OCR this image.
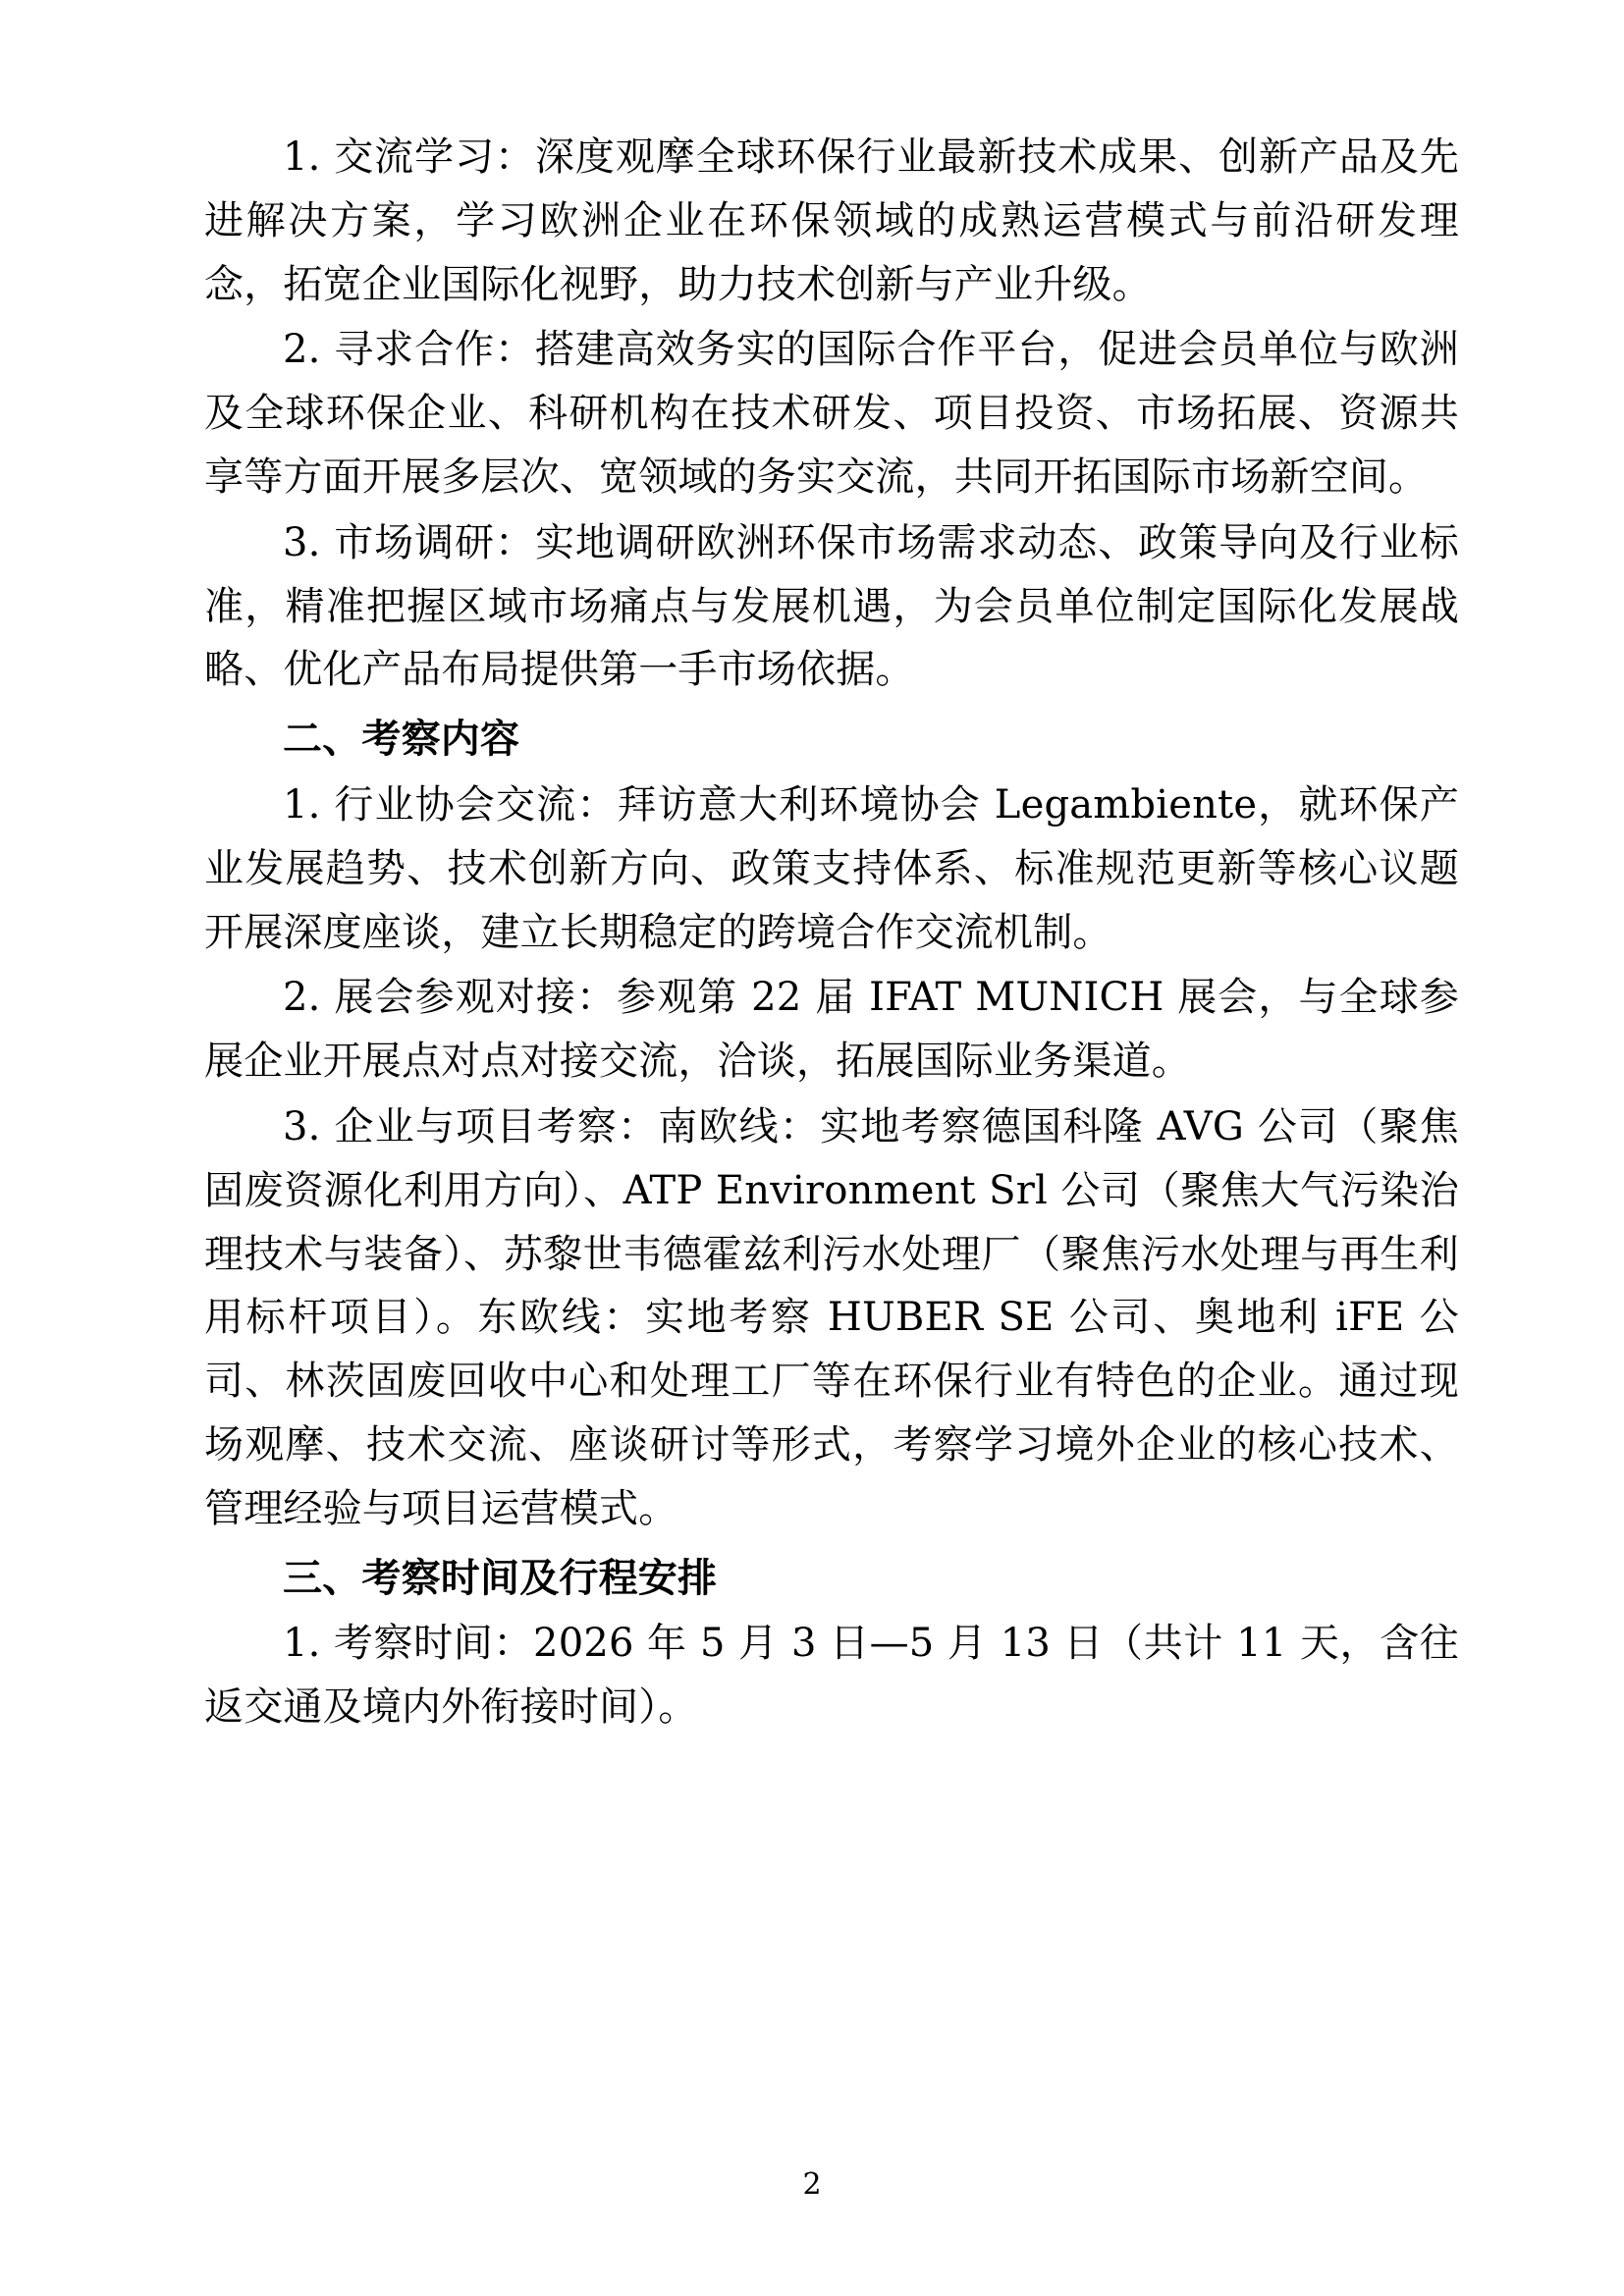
1. 交流学习：深度观摩全球环保行业最新技术成果、创新产品及先进解决方案，学习欧洲企业在环保领域的成熟运营模式与前沿研发理念，拓宽企业国际化视野，助力技术创新与产业升级。

2. 寻求合作：搭建高效务实的国际合作平台，促进会员单位与欧洲及全球环保企业、科研机构在技术研发、项目投资、市场拓展、资源共享等方面开展多层次、宽领域的务实交流，共同开拓国际市场新空间。

3. 市场调研：实地调研欧洲环保市场需求动态、政策导向及行业标准，精准把握区域市场痛点与发展机遇，为会员单位制定国际化发展战略、优化产品布局提供第一手市场依据。

二、考察内容

1. 行业协会交流：拜访意大利环境协会 Legambiente，就环保产业发展趋势、技术创新方向、政策支持体系、标准规范更新等核心议题开展深度座谈，建立长期稳定的跨境合作交流机制。

2. 展会参观对接：参观第 22 届 IFAT MUNICH 展会，与全球参展企业开展点对点对接交流，洽谈，拓展国际业务渠道。

3. 企业与项目考察：南欧线：实地考察德国科隆 AVG 公司（聚焦固废资源化利用方向）、ATP Environment Srl 公司（聚焦大气污染治理技术与装备）、苏黎世韦德霍兹利污水处理厂（聚焦污水处理与再生利用标杆项目）。东欧线：实地考察 HUBER SE 公司、奥地利 iFE 公司、林茨固废回收中心和处理工厂等在环保行业有特色的企业。通过现场观摩、技术交流、座谈研讨等形式，考察学习境外企业的核心技术、管理经验与项目运营模式。

三、考察时间及行程安排

1. 考察时间：2026 年 5 月 3 日—5 月 13 日（共计 11 天，含往返交通及境内外衔接时间）。

2
